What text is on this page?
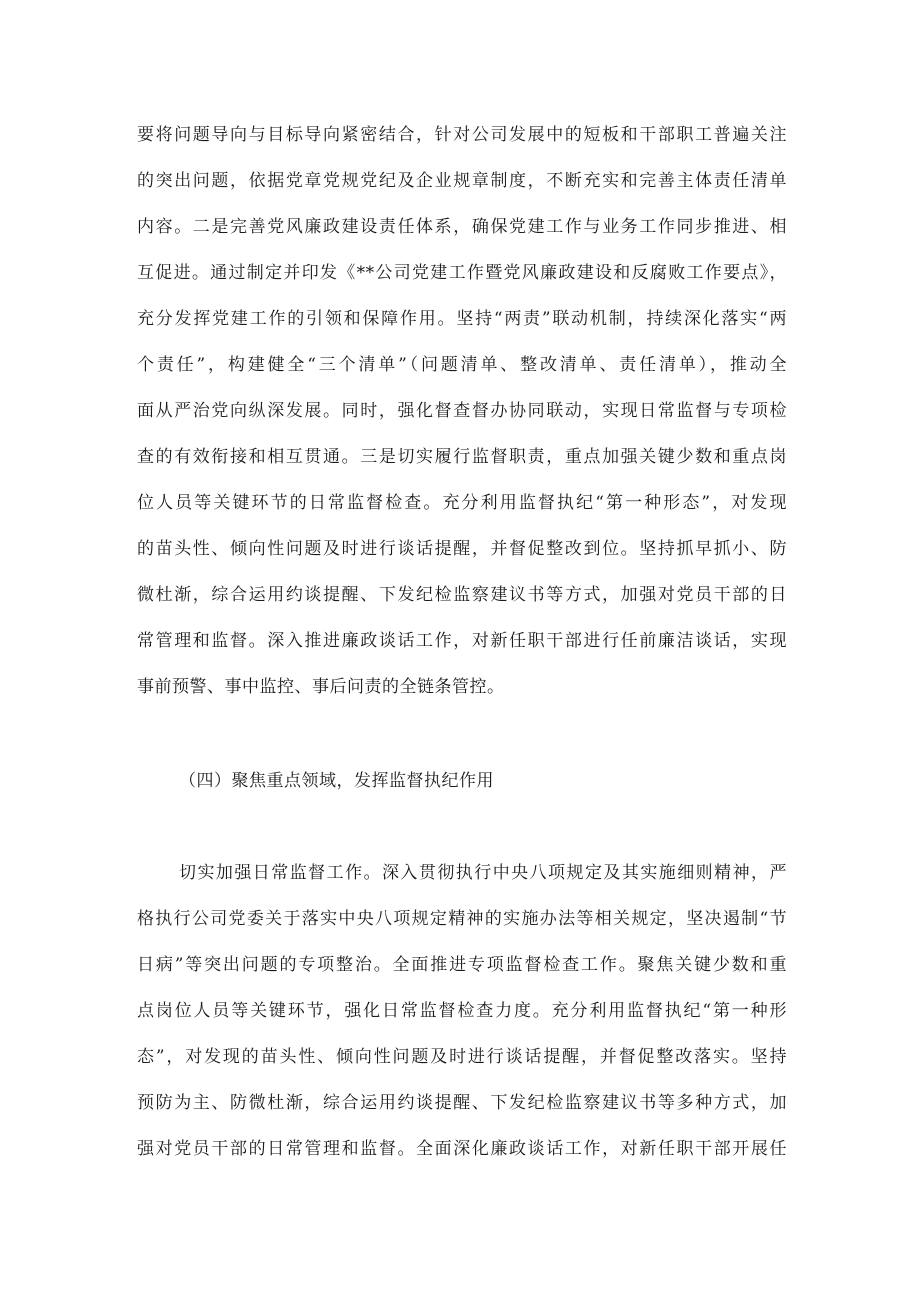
要将问题导向与目标导向紧密结合，针对公司发展中的短板和干部职工普遍关注
的突出问题，依据党章党规党纪及企业规章制度，不断充实和完善主体责任清单
内容。二是完善党风廉政建设责任体系，确保党建工作与业务工作同步推进、相
互促进。通过制定并印发《**公司党建工作暨党风廉政建设和反腐败工作要点》，
充分发挥党建工作的引领和保障作用。坚持“两责”联动机制，持续深化落实“两
个责任”，构建健全“三个清单”（问题清单、整改清单、责任清单），推动全
面从严治党向纵深发展。同时，强化督查督办协同联动，实现日常监督与专项检
查的有效衔接和相互贯通。三是切实履行监督职责，重点加强关键少数和重点岗
位人员等关键环节的日常监督检查。充分利用监督执纪“第一种形态”，对发现
的苗头性、倾向性问题及时进行谈话提醒，并督促整改到位。坚持抓早抓小、防
微杜渐，综合运用约谈提醒、下发纪检监察建议书等方式，加强对党员干部的日
常管理和监督。深入推进廉政谈话工作，对新任职干部进行任前廉洁谈话，实现
事前预警、事中监控、事后问责的全链条管控。
（四）聚焦重点领域，发挥监督执纪作用
切实加强日常监督工作。深入贯彻执行中央八项规定及其实施细则精神，严
格执行公司党委关于落实中央八项规定精神的实施办法等相关规定，坚决遏制“节
日病”等突出问题的专项整治。全面推进专项监督检查工作。聚焦关键少数和重
点岗位人员等关键环节，强化日常监督检查力度。充分利用监督执纪“第一种形
态”，对发现的苗头性、倾向性问题及时进行谈话提醒，并督促整改落实。坚持
预防为主、防微杜渐，综合运用约谈提醒、下发纪检监察建议书等多种方式，加
强对党员干部的日常管理和监督。全面深化廉政谈话工作，对新任职干部开展任
